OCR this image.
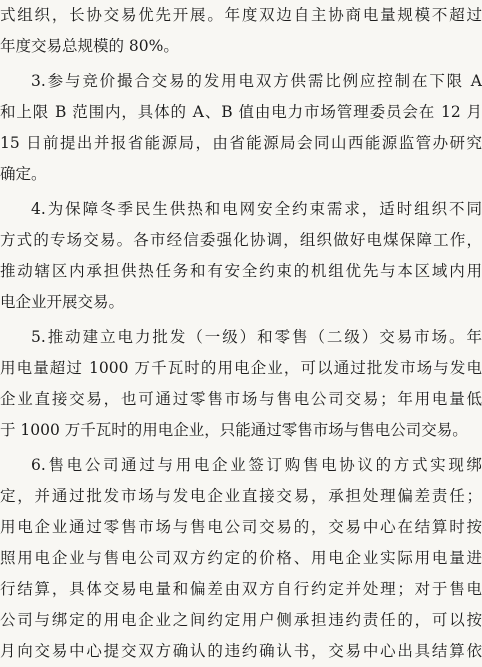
式组织，长协交易优先开展。年度双边自主协商电量规模不超过
年度交易总规模的 80%。
3.参与竞价撮合交易的发用电双方供需比例应控制在下限 A
和上限 B 范围内，具体的 A、B 值由电力市场管理委员会在 12 月
15 日前提出并报省能源局，由省能源局会同山西能源监管办研究
确定。
4.为保障冬季民生供热和电网安全约束需求，适时组织不同
方式的专场交易。各市经信委强化协调，组织做好电煤保障工作，
推动辖区内承担供热任务和有安全约束的机组优先与本区域内用
电企业开展交易。
5.推动建立电力批发（一级）和零售（二级）交易市场。年
用电量超过 1000 万千瓦时的用电企业，可以通过批发市场与发电
企业直接交易，也可通过零售市场与售电公司交易；年用电量低
于 1000 万千瓦时的用电企业，只能通过零售市场与售电公司交易。
6.售电公司通过与用电企业签订购售电协议的方式实现绑
定，并通过批发市场与发电企业直接交易，承担处理偏差责任；
用电企业通过零售市场与售电公司交易的，交易中心在结算时按
照用电企业与售电公司双方约定的价格、用电企业实际用电量进
行结算，具体交易电量和偏差由双方自行约定并处理；对于售电
公司与绑定的用电企业之间约定用户侧承担违约责任的，可以按
月向交易中心提交双方确认的违约确认书，交易中心出具结算依
